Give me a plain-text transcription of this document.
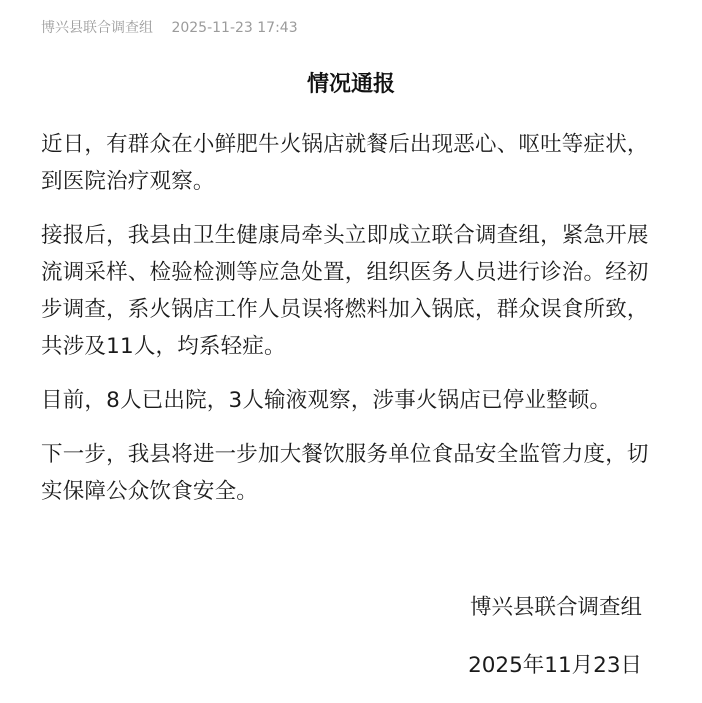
博兴县联合调查组 2025-11-23 17:43
情况通报

近日，有群众在小鲜肥牛火锅店就餐后出现恶心、呕吐等症状，到医院治疗观察。

接报后，我县由卫生健康局牵头立即成立联合调查组，紧急开展流调采样、检验检测等应急处置，组织医务人员进行诊治。经初步调查，系火锅店工作人员误将燃料加入锅底，群众误食所致，共涉及11人，均系轻症。

目前，8人已出院，3人输液观察，涉事火锅店已停业整顿。

下一步，我县将进一步加大餐饮服务单位食品安全监管力度，切实保障公众饮食安全。

博兴县联合调查组
2025年11月23日
